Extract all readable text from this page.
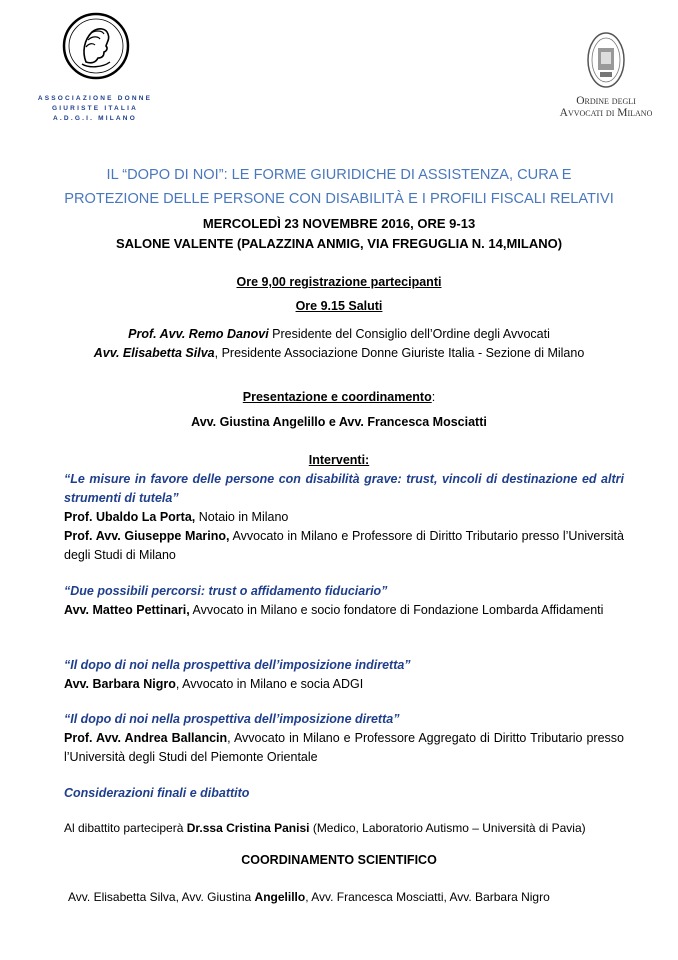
ASSOCIAZIONE DONNE
GIURISTE ITALIA
A.D.G.I. MILANO
Ordine degli
Avvocati di Milano
IL “DOPO DI NOI”: LE FORME GIURIDICHE DI ASSISTENZA, CURA E
PROTEZIONE DELLE PERSONE CON DISABILITÀ E I PROFILI FISCALI RELATIVI
MERCOLEDÌ 23 NOVEMBRE 2016, ORE 9-13
SALONE VALENTE (PALAZZINA ANMIG, VIA FREGUGLIA N. 14,MILANO)
Ore 9,00 registrazione partecipanti
Ore 9.15 Saluti
Prof. Avv. Remo Danovi Presidente del Consiglio dell’Ordine degli Avvocati
Avv. Elisabetta Silva, Presidente Associazione Donne Giuriste Italia - Sezione di Milano
Presentazione e coordinamento:
Avv. Giustina Angelillo e Avv. Francesca Mosciatti
Interventi:
“Le misure in favore delle persone con disabilità grave: trust, vincoli di destinazione ed altri strumenti di tutela”
Prof. Ubaldo La Porta, Notaio in Milano
Prof. Avv. Giuseppe Marino, Avvocato in Milano e Professore di Diritto Tributario presso l’Università degli Studi di Milano
“Due possibili percorsi: trust o affidamento fiduciario”
Avv. Matteo Pettinari, Avvocato in Milano e socio fondatore di Fondazione Lombarda Affidamenti
“Il dopo di noi nella prospettiva dell’imposizione indiretta”
Avv. Barbara Nigro, Avvocato in Milano e socia ADGI
“Il dopo di noi nella prospettiva dell’imposizione diretta”
Prof. Avv. Andrea Ballancin, Avvocato in Milano e Professore Aggregato di Diritto Tributario presso l’Università degli Studi del Piemonte Orientale
Considerazioni finali e dibattito
Al dibattito parteciperà Dr.ssa Cristina Panisi (Medico, Laboratorio Autismo – Università di Pavia)
COORDINAMENTO SCIENTIFICO
Avv. Elisabetta Silva, Avv. Giustina Angelillo, Avv. Francesca Mosciatti, Avv. Barbara Nigro
